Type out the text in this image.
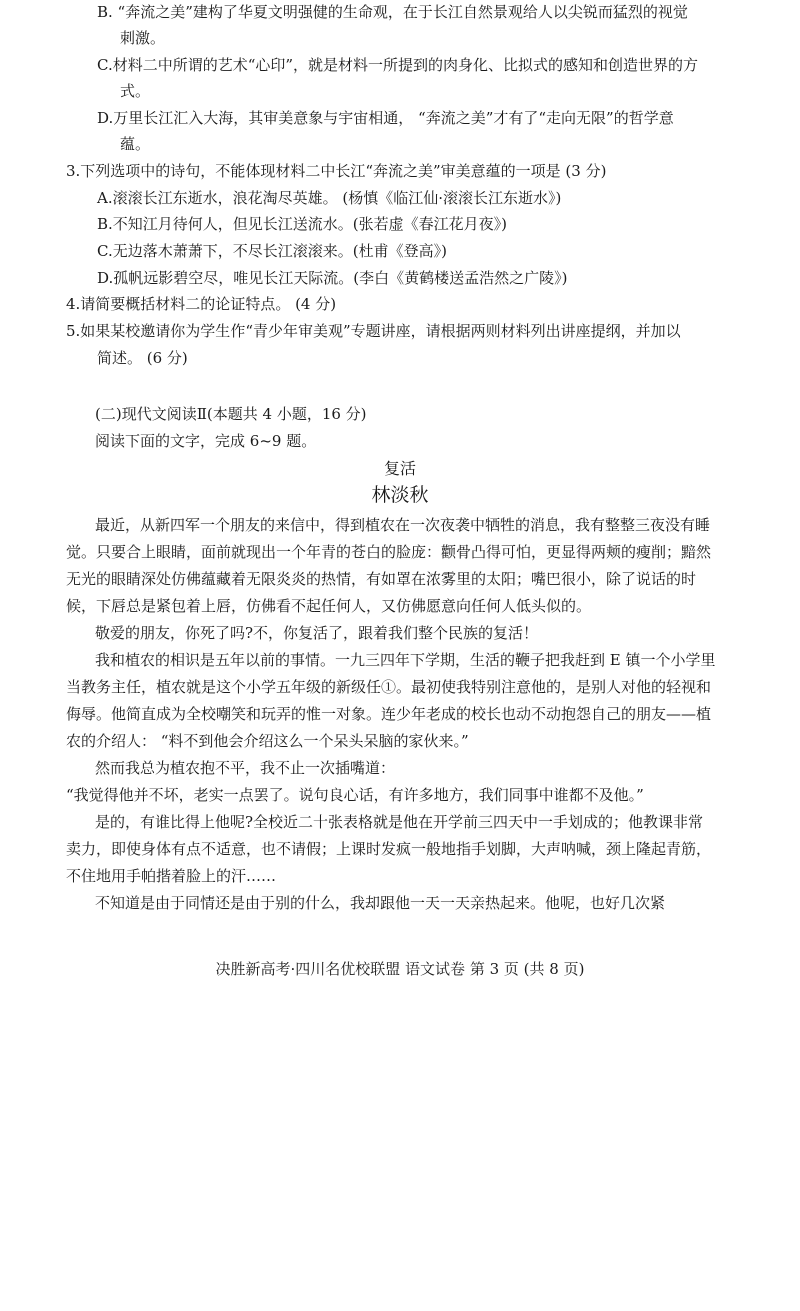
B. “奔流之美”建构了华夏文明强健的生命观，在于长江自然景观给人以尖锐而猛烈的视觉
刺激。
C.材料二中所谓的艺术“心印”，就是材料一所提到的肉身化、比拟式的感知和创造世界的方
式。
D.万里长江汇入大海，其审美意象与宇宙相通， “奔流之美”才有了“走向无限”的哲学意
蕴。
3.下列选项中的诗句，不能体现材料二中长江“奔流之美”审美意蕴的一项是 (3 分)
A.滚滚长江东逝水，浪花淘尽英雄。 (杨慎《临江仙·滚滚长江东逝水》)
B.不知江月待何人，但见长江送流水。(张若虚《春江花月夜》)
C.无边落木萧萧下，不尽长江滚滚来。(杜甫《登高》)
D.孤帆远影碧空尽，唯见长江天际流。(李白《黄鹤楼送孟浩然之广陵》)
4.请简要概括材料二的论证特点。 (4 分)
5.如果某校邀请你为学生作“青少年审美观”专题讲座，请根据两则材料列出讲座提纲，并加以
简述。 (6 分)
(二)现代文阅读Ⅱ(本题共 4 小题，16 分)
阅读下面的文字，完成 6~9 题。
复活
林淡秋
最近，从新四军一个朋友的来信中，得到植农在一次夜袭中牺牲的消息，我有整整三夜没有睡
觉。只要合上眼睛，面前就现出一个年青的苍白的脸庞：颧骨凸得可怕，更显得两颊的瘦削；黯然
无光的眼睛深处仿佛蕴藏着无限炎炎的热情，有如罩在浓雾里的太阳；嘴巴很小，除了说话的时
候，下唇总是紧包着上唇，仿佛看不起任何人，又仿佛愿意向任何人低头似的。
敬爱的朋友，你死了吗?不，你复活了，跟着我们整个民族的复活！
我和植农的相识是五年以前的事情。一九三四年下学期，生活的鞭子把我赶到 E 镇一个小学里
当教务主任，植农就是这个小学五年级的新级任①。最初使我特别注意他的，是别人对他的轻视和
侮辱。他简直成为全校嘲笑和玩弄的惟一对象。连少年老成的校长也动不动抱怨自己的朋友——植
农的介绍人： “料不到他会介绍这么一个呆头呆脑的家伙来。”
然而我总为植农抱不平，我不止一次插嘴道：
“我觉得他并不坏，老实一点罢了。说句良心话，有许多地方，我们同事中谁都不及他。”
是的，有谁比得上他呢?全校近二十张表格就是他在开学前三四天中一手划成的；他教课非常
卖力，即使身体有点不适意，也不请假；上课时发疯一般地指手划脚，大声呐喊，颈上隆起青筋，
不住地用手帕揩着脸上的汗……
不知道是由于同情还是由于别的什么，我却跟他一天一天亲热起来。他呢，也好几次紧
决胜新高考·四川名优校联盟 语文试卷 第 3 页 (共 8 页)
